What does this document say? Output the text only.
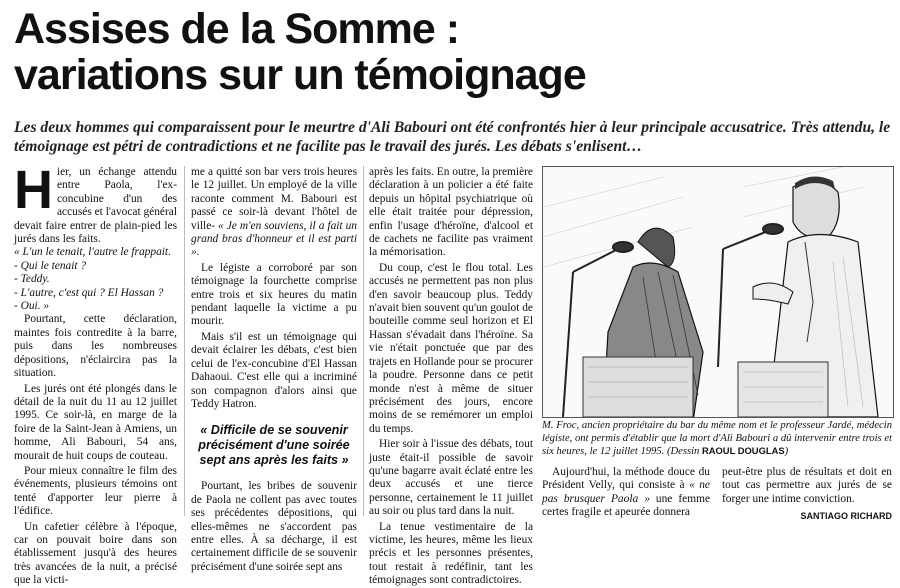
Assises de la Somme :
variations sur un témoignage

Les deux hommes qui comparaissent pour le meurtre d'Ali Babouri ont été confrontés hier à leur principale accusatrice. Très attendu, le témoignage est pétri de contradictions et ne facilite pas le travail des jurés. Les débats s'enlisent…

Hier, un échange attendu entre Paola, l'ex-concubine d'un des accusés et l'avocat général devait faire entrer de plain-pied les jurés dans les faits.

« L'un le tenait, l'autre le frappait.

- Qui le tenait ?

- Teddy.

- L'autre, c'est qui ? El Hassan ?

- Oui. »

Pourtant, cette déclaration, maintes fois contredite à la barre, puis dans les nombreuses dépositions, n'éclaircira pas la situation.

Les jurés ont été plongés dans le détail de la nuit du 11 au 12 juillet 1995. Ce soir-là, en marge de la foire de la Saint-Jean à Amiens, un homme, Ali Babouri, 54 ans, mourait de huit coups de couteau.

Pour mieux connaître le film des événements, plusieurs témoins ont tenté d'apporter leur pierre à l'édifice.

Un cafetier célèbre à l'époque, car on pouvait boire dans son établissement jusqu'à des heures très avancées de la nuit, a précisé que la victi-

me a quitté son bar vers trois heures le 12 juillet. Un employé de la ville raconte comment M. Babouri est passé ce soir-là devant l'hôtel de ville- « Je m'en souviens, il a fait un grand bras d'honneur et il est parti ».

Le légiste a corroboré par son témoignage la fourchette comprise entre trois et six heures du matin pendant laquelle la victime a pu mourir.

Mais s'il est un témoignage qui devait éclairer les débats, c'est bien celui de l'ex-concubine d'El Hassan Dahaoui. C'est elle qui a incriminé son compagnon d'alors ainsi que Teddy Hatron.

« Difficile de se souvenir précisément d'une soirée sept ans après les faits »

Pourtant, les bribes de souvenir de Paola ne collent pas avec toutes ses précédentes dépositions, qui elles-mêmes ne s'accordent pas entre elles. À sa décharge, il est certainement difficile de se souvenir précisément d'une soirée sept ans

après les faits. En outre, la première déclaration à un policier a été faite depuis un hôpital psychiatrique où elle était traitée pour dépression, enfin l'usage d'héroïne, d'alcool et de cachets ne facilite pas vraiment la mémorisation.

Du coup, c'est le flou total. Les accusés ne permettent pas non plus d'en savoir beaucoup plus. Teddy n'avait bien souvent qu'un goulot de bouteille comme seul horizon et El Hassan s'évadait dans l'héroïne. Sa vie n'était ponctuée que par des trajets en Hollande pour se procurer la poudre. Personne dans ce petit monde n'est à même de situer précisément des jours, encore moins de se remémorer un emploi du temps.

Hier soir à l'issue des débats, tout juste était-il possible de savoir qu'une bagarre avait éclaté entre les deux accusés et une tierce personne, certainement le 11 juillet au soir ou plus tard dans la nuit.

La tenue vestimentaire de la victime, les heures, même les lieux précis et les personnes présentes, tout restait à redéfinir, tant les témoignages sont contradictoires.

M. Froc, ancien propriétaire du bar du même nom et le professeur Jardé, médecin légiste, ont permis d'établir que la mort d'Ali Babouri a dû intervenir entre trois et six heures, le 12 juillet 1995. (Dessin RAOUL DOUGLAS)

Aujourd'hui, la méthode douce du Président Velly, qui consiste à « ne pas brusquer Paola » une femme certes fragile et apeurée donnera

peut-être plus de résultats et doit en tout cas permettre aux jurés de se forger une intime conviction.

SANTIAGO RICHARD
